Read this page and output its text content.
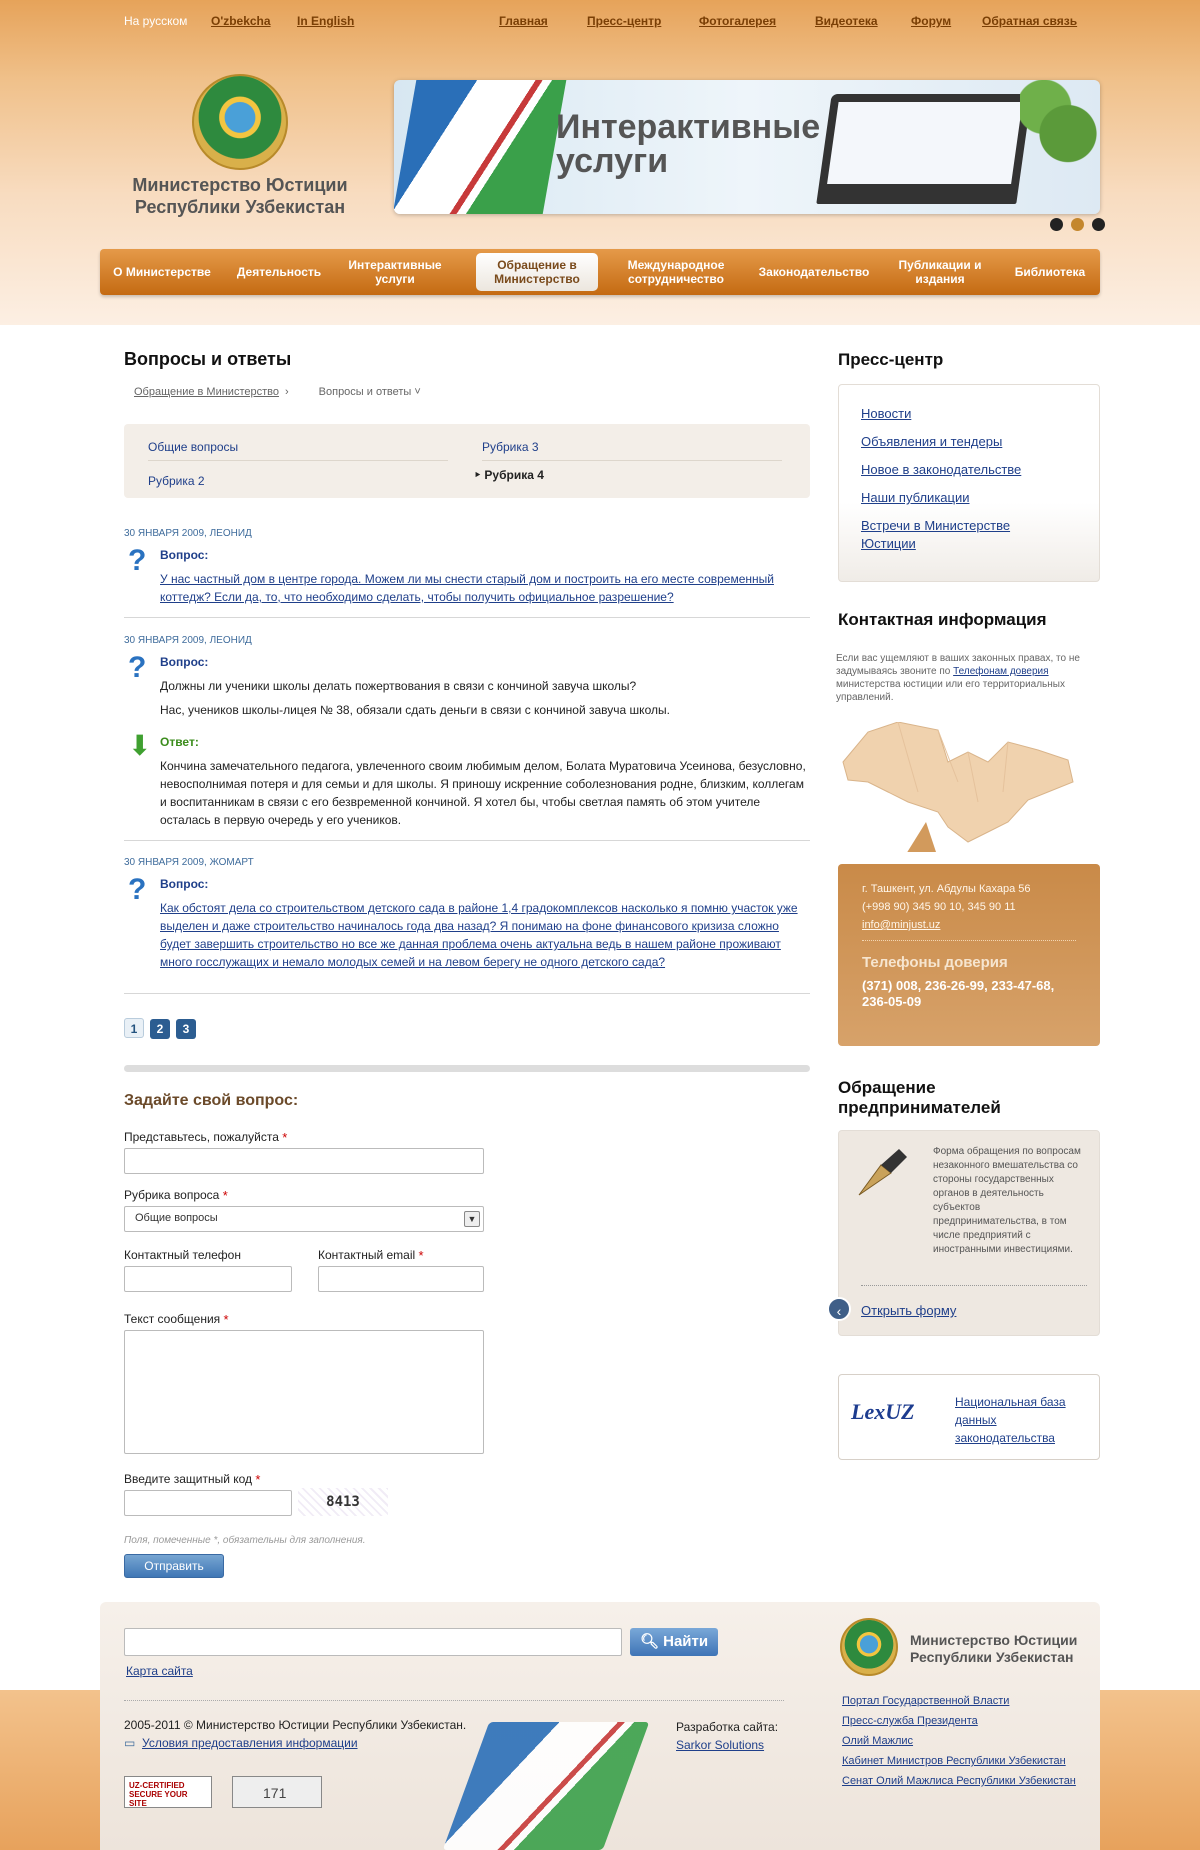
На русском O'zbekcha In English	Главная	Пресс-центр	Фотогалерея	Видеотека	Форум	Обратная связь
Министерство Юстиции
Республики Узбекистан
Интерактивные
услуги
О Министерстве	Деятельность	Интерактивные услуги
Обращение в Министерство
Международное сотрудничество	Законодательство	Публикации и издания	Библиотека
Вопросы и ответы
Обращение в Министерство ›	Вопросы и ответы ˅
Общие вопросы
Рубрика 2
Рубрика 3
‣ Рубрика 4
30 ЯНВАРЯ 2009, ЛЕОНИД
?	Вопрос:
У нас частный дом в центре города. Можем ли мы снести старый дом и построить на его месте современный коттедж? Если да, то, что необходимо сделать, чтобы получить официальное разрешение?
30 ЯНВАРЯ 2009, ЛЕОНИД
?	Вопрос:
Должны ли ученики школы делать пожертвования в связи с кончиной завуча школы?
Нас, учеников школы-лицея № 38, обязали сдать деньги в связи с кончиной завуча школы.
⬇ Ответ:
Кончина замечательного педагога, увлеченного своим любимым делом, Болата Муратовича Усеинова, безусловно, невосполнимая потеря и для семьи и для школы. Я приношу искренние соболезнования родне, близким, коллегам и воспитанникам в связи с его безвременной кончиной. Я хотел бы, чтобы светлая память об этом учителе осталась в первую очередь у его учеников.
30 ЯНВАРЯ 2009, ЖОМАРТ
?	Вопрос:
Как обстоят дела со строительством детского сада в районе 1,4 градокомплексов насколько я помню участок уже выделен и даже строительство начиналось года два назад? Я понимаю на фоне финансового кризиза сложно будет завершить строительство но все же данная проблема очень актуальна ведь в нашем районе проживают много госслужащих и немало молодых семей и на левом берегу не одного детского сада?
1 2 3
Задайте свой вопрос:
Представьтесь, пожалуйста *
Рубрика вопроса *
Общие вопросы	▼
Контактный телефон	Контактный email *
Текст сообщения *
Введите защитный код *
8413
Поля, помеченные *, обязательны для заполнения.
Отправить
Пресс-центр
Новости
Объявления и тендеры
Новое в законодательстве
Наши публикации
Встречи в Министерстве Юстиции
Контактная информация
Если вас ущемляют в ваших законных правах, то не задумываясь звоните по Телефонам доверия министерства юстиции или его территориальных управлений.
г. Ташкент, ул. Абдулы Кахара 56
(+998 90) 345 90 10, 345 90 11
info@minjust.uz
Телефоны доверия
(371) 008, 236-26-99, 233-47-68, 236-05-09
Обращение предпринимателей
Форма обращения по вопросам незаконного вмешательства со стороны государственных органов в деятельность субъектов предпринимательства, в том числе предприятий с иностранными инвестициями.
‹	Открыть форму
LexUZ	Национальная база данных законодательства
🔍︎ Найти
Карта сайта
2005-2011 © Министерство Юстиции Республики Узбекистан.
▭ Условия предоставления информации
Разработка сайта:
Sarkor Solutions
UZ-CERTIFIED SECURE YOUR SITE
171
Министерство Юстиции
Республики Узбекистан
Портал Государственной Власти
Пресс-служба Президента
Олий Мажлис
Кабинет Министров Республики Узбекистан
Сенат Олий Мажлиса Республики Узбекистан
